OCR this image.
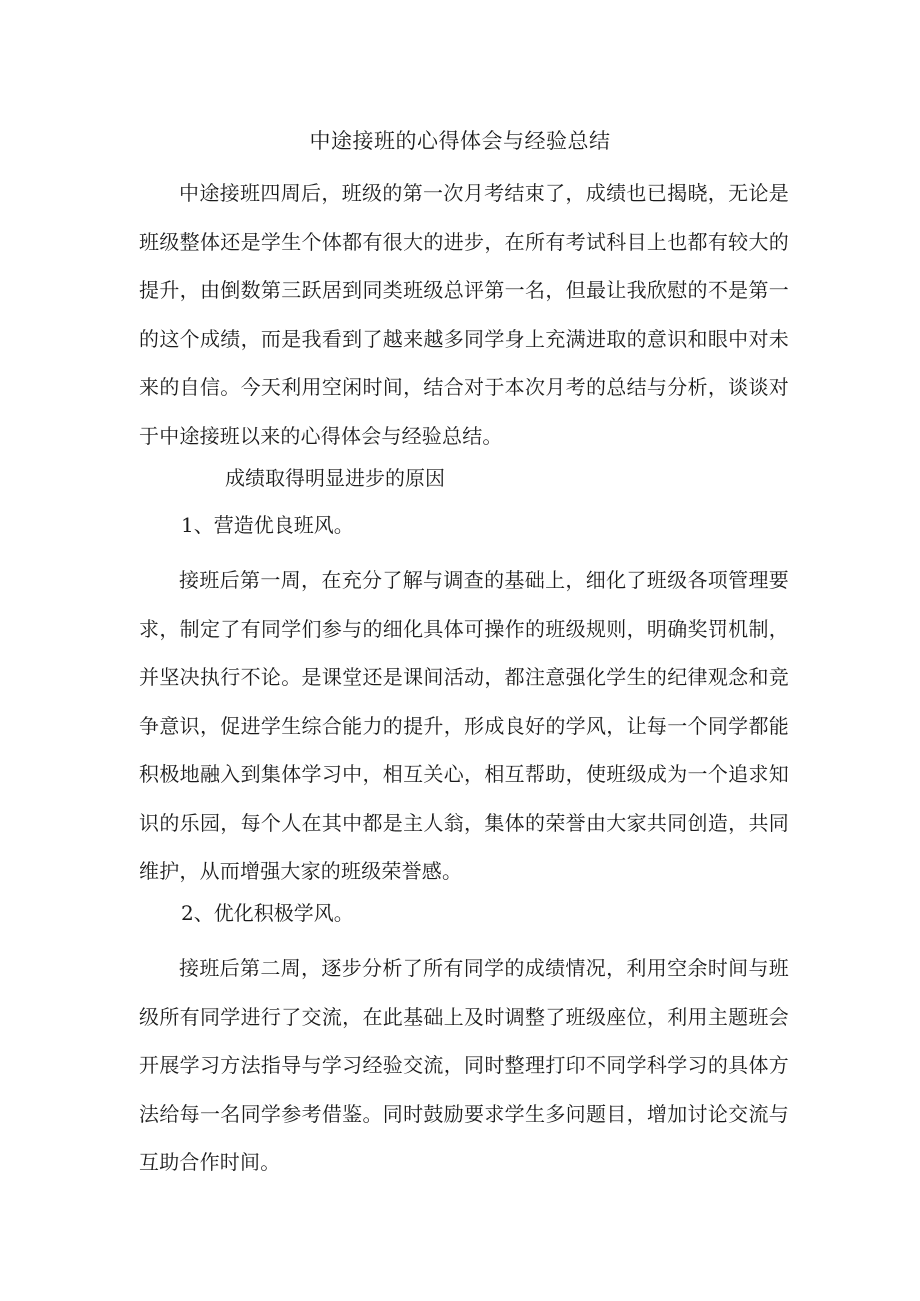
中途接班的心得体会与经验总结

中途接班四周后，班级的第一次月考结束了，成绩也已揭晓，无论是班级整体还是学生个体都有很大的进步，在所有考试科目上也都有较大的提升，由倒数第三跃居到同类班级总评第一名，但最让我欣慰的不是第一的这个成绩，而是我看到了越来越多同学身上充满进取的意识和眼中对未来的自信。今天利用空闲时间，结合对于本次月考的总结与分析，谈谈对于中途接班以来的心得体会与经验总结。

成绩取得明显进步的原因
1、营造优良班风。

接班后第一周，在充分了解与调查的基础上，细化了班级各项管理要求，制定了有同学们参与的细化具体可操作的班级规则，明确奖罚机制，并坚决执行不论。是课堂还是课间活动，都注意强化学生的纪律观念和竞争意识，促进学生综合能力的提升，形成良好的学风，让每一个同学都能积极地融入到集体学习中，相互关心，相互帮助，使班级成为一个追求知识的乐园，每个人在其中都是主人翁，集体的荣誉由大家共同创造，共同维护，从而增强大家的班级荣誉感。

2、优化积极学风。

接班后第二周，逐步分析了所有同学的成绩情况，利用空余时间与班级所有同学进行了交流，在此基础上及时调整了班级座位，利用主题班会开展学习方法指导与学习经验交流，同时整理打印不同学科学习的具体方法给每一名同学参考借鉴。同时鼓励要求学生多问题目，增加讨论交流与互助合作时间。
